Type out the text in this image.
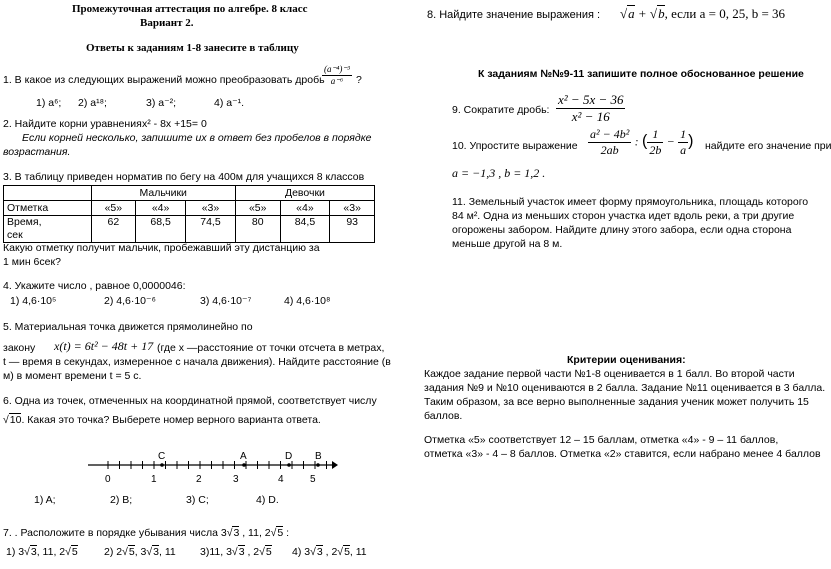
Промежуточная аттестация по алгебре. 8 класс
Вариант 2.
Ответы к заданиям 1-8 занесите в таблицу
1. В какое из следующих выражений можно преобразовать дробь
$\frac{\text{(a⁻⁴)⁻³}}{\text{a⁻⁶}}$ ?
1) a⁶; 2) a¹⁸;	3) a⁻²;	4) a⁻¹.
2. Найдите корни уравнения x² - 8x +15= 0
Если корней несколько, запишите их в ответ без пробелов в порядке
возрастания.
3. В таблицу приведен норматив по бегу на 400м для учащихся 8 классов
	Мальчики			Девочки		
Отметка	«5»	«4»	«3»	«5»	«4»	«3»
Время,
сек	62	68,5	74,5	80	84,5	93
Какую отметку получит мальчик, пробежавший эту дистанцию за
1 мин 6сек?
4. Укажите число , равное 0,0000046:
1) 4,6·10⁵	2) 4,6·10⁻⁶	3) 4,6·10⁻⁷	4) 4,6·10⁸
5. Материальная точка движется прямолинейно по
закону x(t) = 6t² − 48t + 17 (где x —расстояние от точки отсчета в метрах,
t — время в секундах, измеренное с начала движения). Найдите расстояние (в
м) в момент времени t = 5 с.
6. Одна из точек, отмеченных на координатной прямой, соответствует числу
√10. Какая это точка? Выберете номер верного варианта ответа.
C	A	D B
0	1	2	3	4	5
1) A;	2) B;	3) C;	4) D.
7. . Расположите в порядке убывания числа 3√3 , 11, 2√5 :
1) 3√3, 11, 2√5	2) 2√5, 3√3, 11 3)11, 3√3 , 2√5 4) 3√3 , 2√5, 11
8. Найдите значение выражения : √a + √b, если a = 0, 25, b = 36
К заданиям №№9-11 запишите полное обоснованное решение
9. Сократите дробь: $\frac{\text{x² − 5x − 36}}{\text{x² − 16}}$
10. Упростите выражение $\frac{\text{a² − 4b²}}{2ab}$ : ( $\frac{1}{2b} - \frac{1}{a}$ ) найдите его значение при
a = −1,3 , b = 1,2 .
11. Земельный участок имеет форму прямоугольника, площадь которого
84 м². Одна из меньших сторон участка идет вдоль реки, а три другие
огорожены забором. Найдите длину этого забора, если одна сторона
меньше другой на 8 м.
Критерии оценивания:
Каждое задание первой части №1-8 оценивается в 1 балл. Во второй части
задания №9 и №10 оцениваются в 2 балла. Задание №11 оценивается в 3 балла.
Таким образом, за все верно выполненные задания ученик может получить 15
баллов.
Отметка «5» соответствует 12 – 15 баллам, отметка «4» - 9 – 11 баллов,
отметка «3» - 4 – 8 баллов. Отметка «2» ставится, если набрано менее 4 баллов
